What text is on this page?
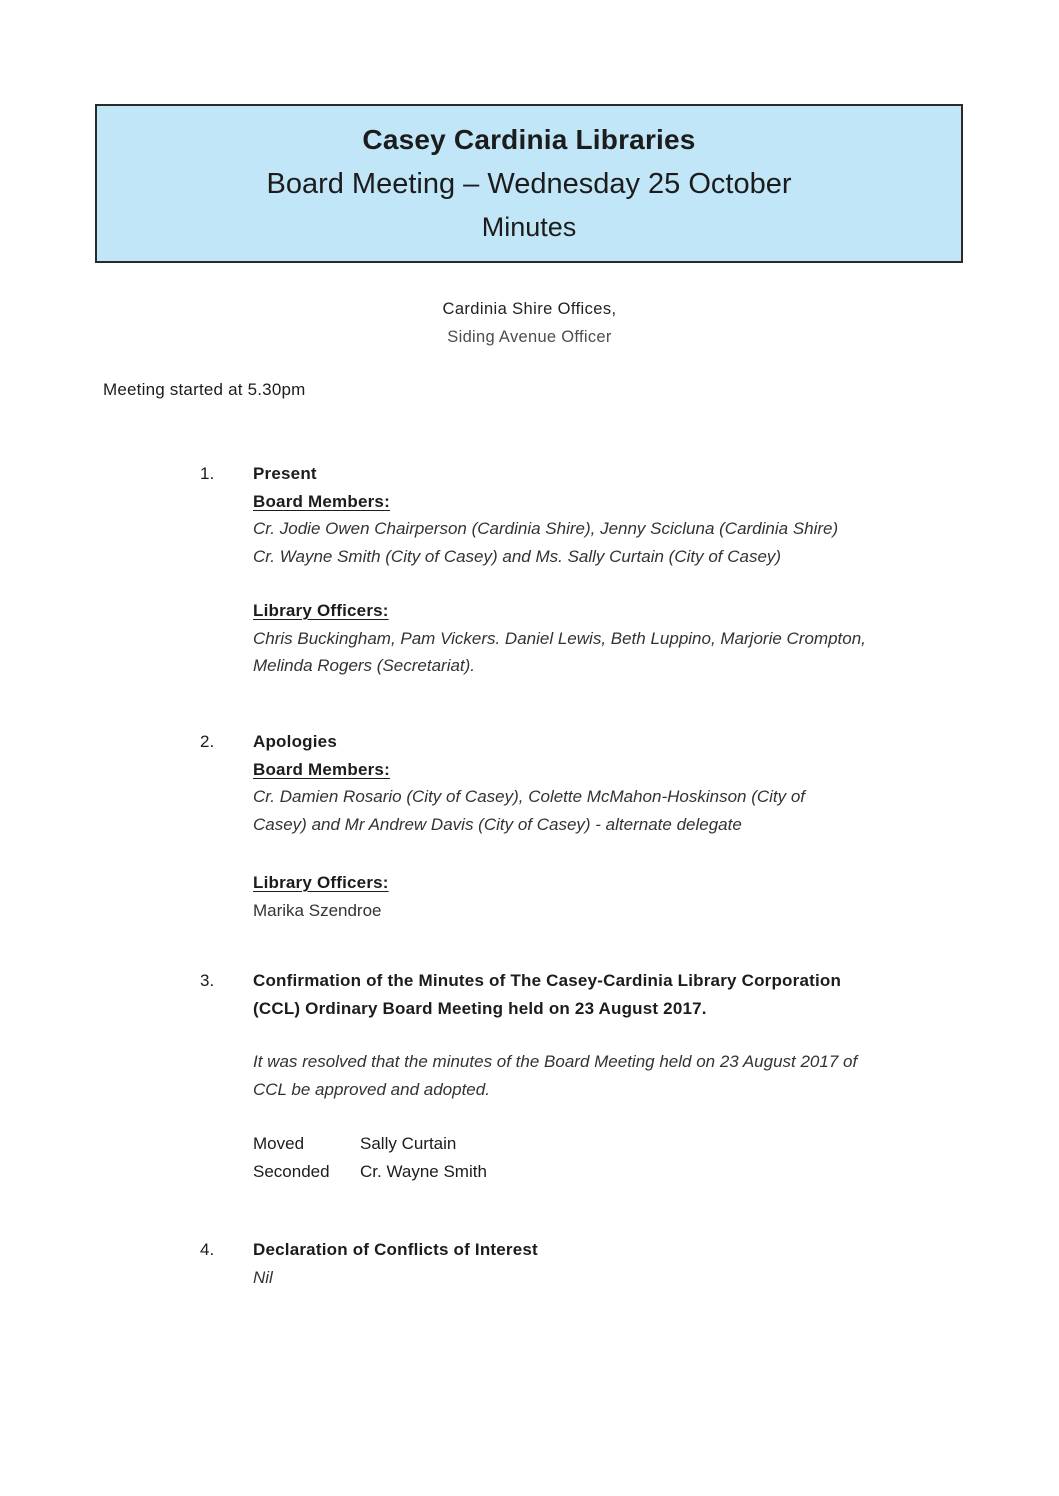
Casey Cardinia Libraries
Board Meeting – Wednesday 25 October
Minutes
Cardinia Shire Offices,
Siding Avenue Officer
Meeting started at 5.30pm
1.	Present
Board Members:
Cr. Jodie Owen Chairperson (Cardinia Shire), Jenny Scicluna (Cardinia Shire)
Cr. Wayne Smith (City of Casey) and Ms. Sally Curtain (City of Casey)
Library Officers:
Chris Buckingham, Pam Vickers. Daniel Lewis, Beth Luppino, Marjorie Crompton,
Melinda Rogers (Secretariat).
2.	Apologies
Board Members:
Cr. Damien Rosario (City of Casey), Colette McMahon-Hoskinson (City of
Casey) and Mr Andrew Davis (City of Casey) - alternate delegate
Library Officers:
Marika Szendroe
3.	Confirmation of the Minutes of The Casey-Cardinia Library Corporation
(CCL) Ordinary Board Meeting held on 23 August 2017.
It was resolved that the minutes of the Board Meeting held on 23 August 2017 of
CCL be approved and adopted.
Moved	Sally Curtain
Seconded	Cr. Wayne Smith
4.	Declaration of Conflicts of Interest
Nil
